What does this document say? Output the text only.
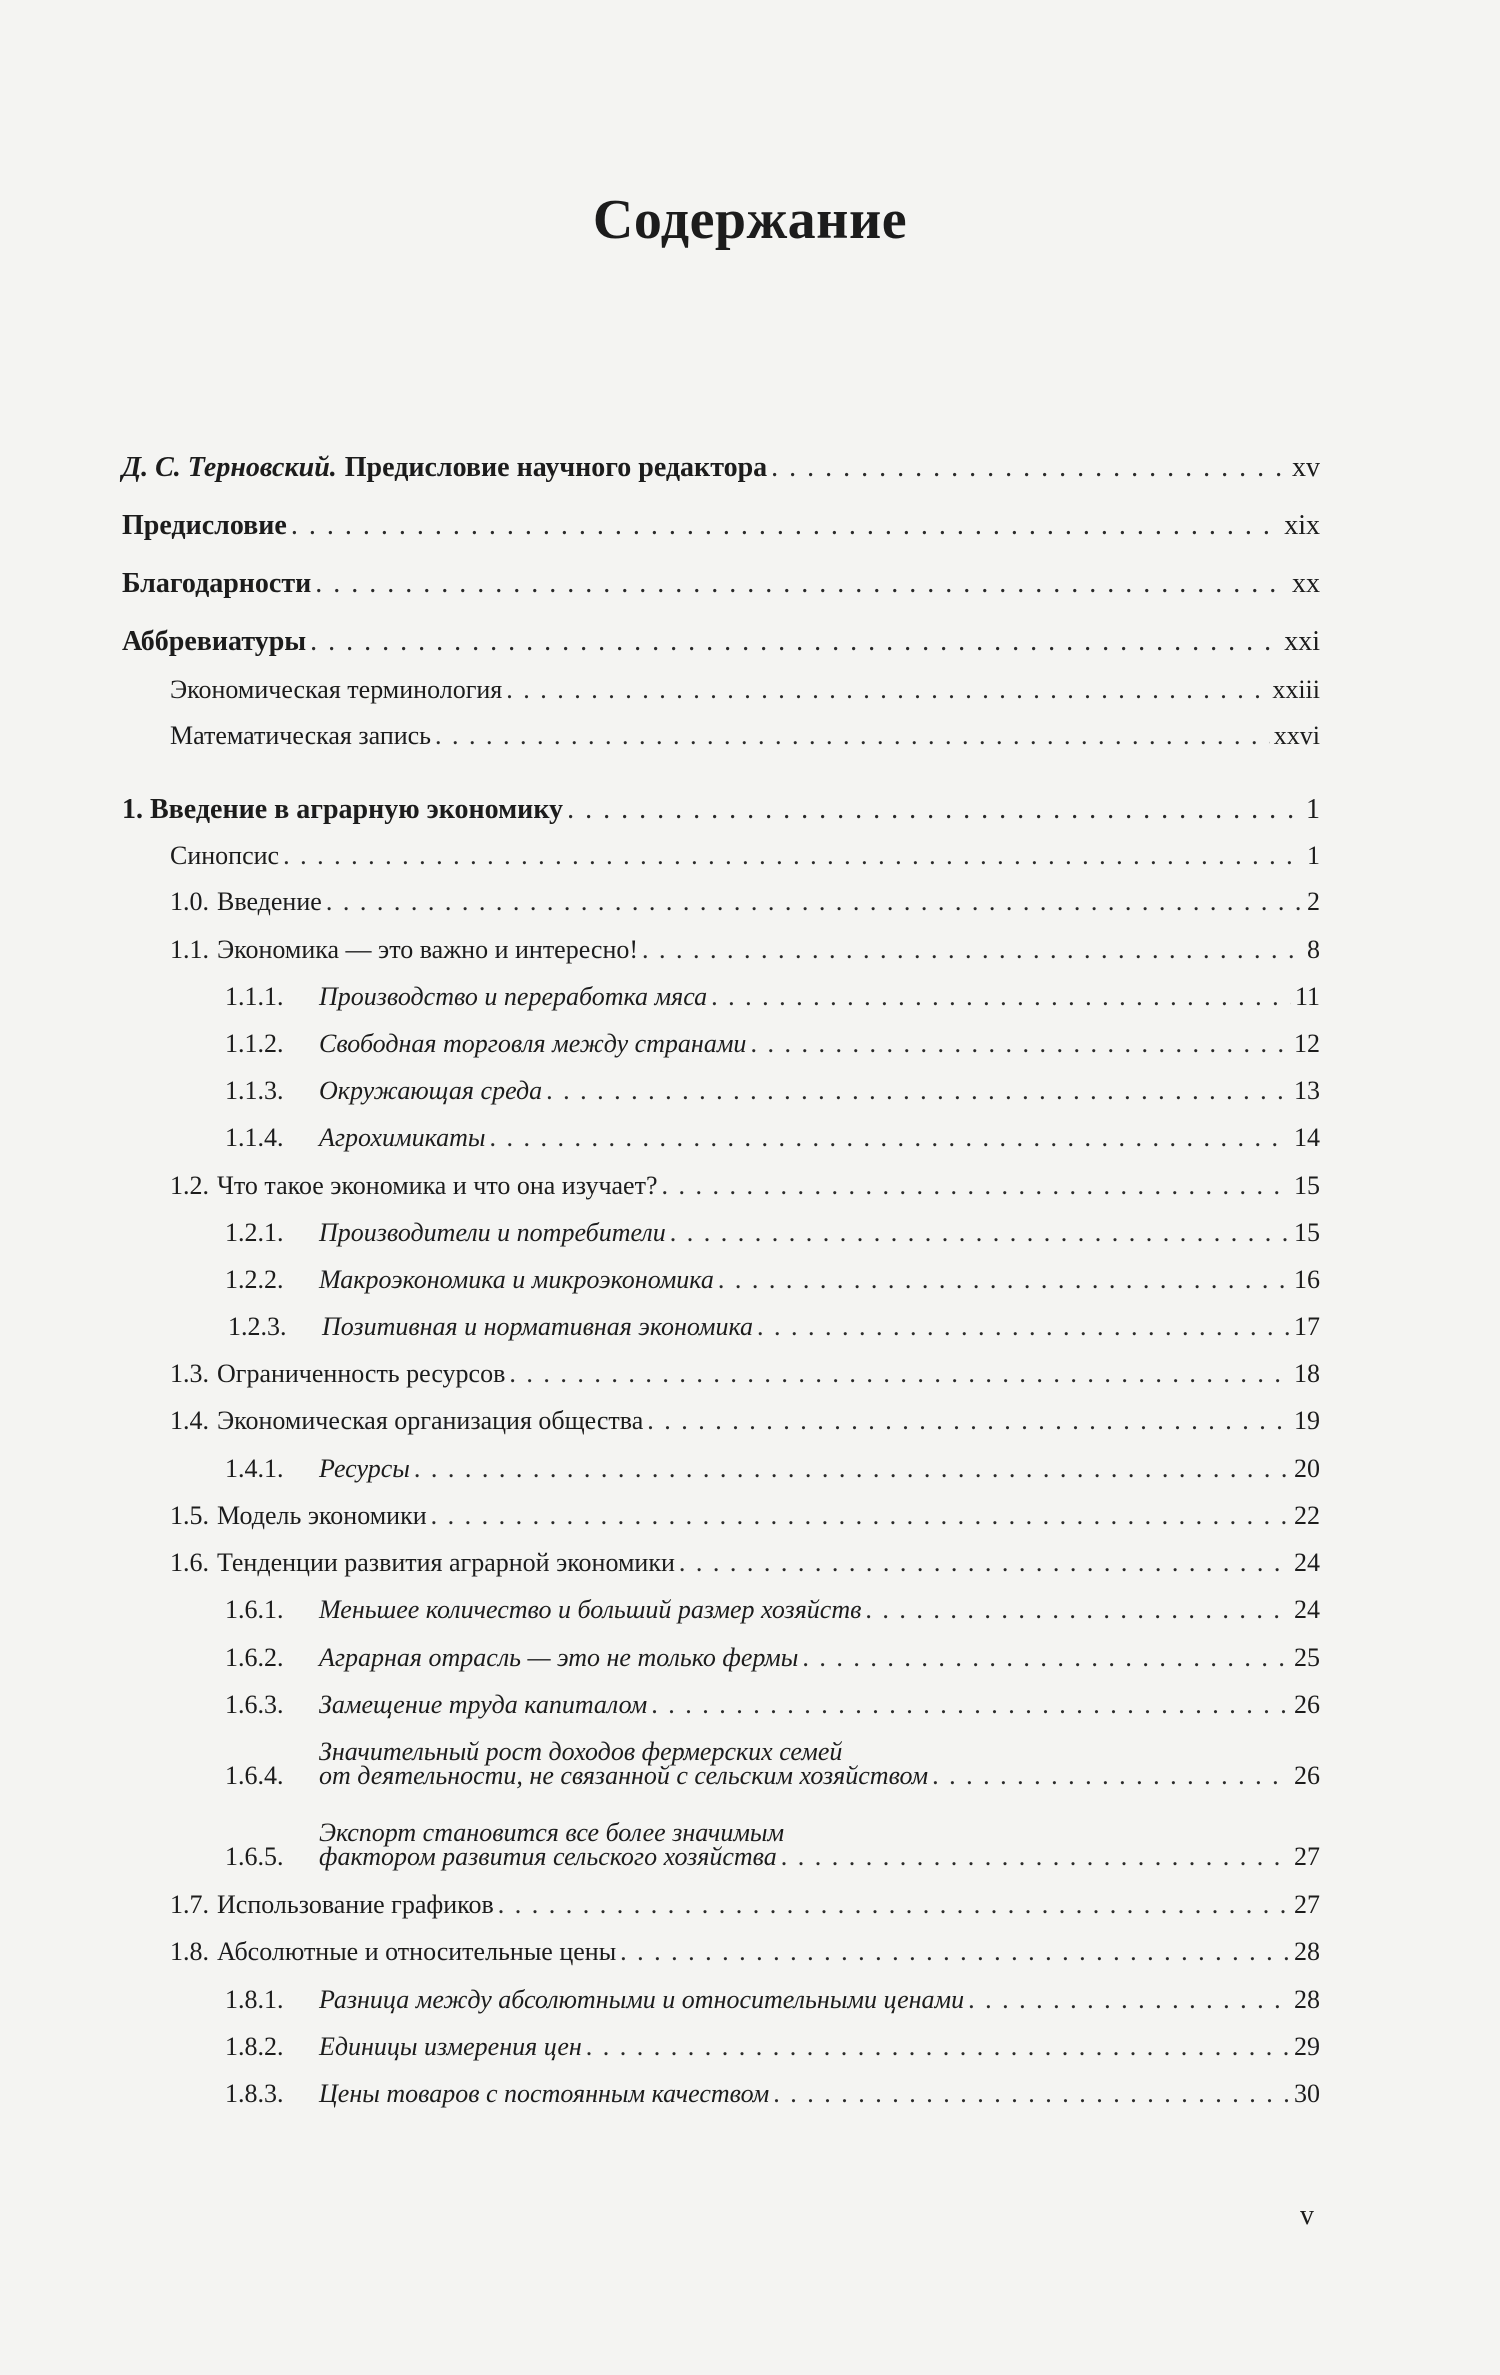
Содержание
Д. С. Терновский. Предисловие научного редактора . . .	xv
Предисловие . . .	xix
Благодарности . . .	xx
Аббревиатуры . . .	xxi
Экономическая терминология . . .	xxiii
Математическая запись . . .	xxvi
1. Введение в аграрную экономику . . .	1
Синопсис . . .	1
1.0. Введение . . .	2
1.1. Экономика — это важно и интересно! . . .	8
1.1.1.	Производство и переработка мяса . . .	11
1.1.2.	Свободная торговля между странами . . .	12
1.1.3.	Окружающая среда . . .	13
1.1.4.	Агрохимикаты . . .	14
1.2. Что такое экономика и что она изучает? . . .	15
1.2.1.	Производители и потребители . . .	15
1.2.2.	Макроэкономика и микроэкономика . . .	16
1.2.3.	Позитивная и нормативная экономика . . .	17
1.3. Ограниченность ресурсов . . .	18
1.4. Экономическая организация общества . . .	19
1.4.1.	Ресурсы . . .	20
1.5. Модель экономики . . .	22
1.6. Тенденции развития аграрной экономики . . .	24
1.6.1.	Меньшее количество и больший размер хозяйств . . .	24
1.6.2.	Аграрная отрасль — это не только фермы . . .	25
1.6.3.	Замещение труда капиталом . . .	26
Значительный рост доходов фермерских семей
1.6.4.	от деятельности, не связанной с сельским хозяйством . . .	26
Экспорт становится все более значимым
1.6.5.	фактором развития сельского хозяйства . . .	27
1.7. Использование графиков . . .	27
1.8. Абсолютные и относительные цены . . .	28
1.8.1.	Разница между абсолютными и относительными ценами . . .	28
1.8.2.	Единицы измерения цен . . .	29
1.8.3.	Цены товаров с постоянным качеством . . .	30
v
